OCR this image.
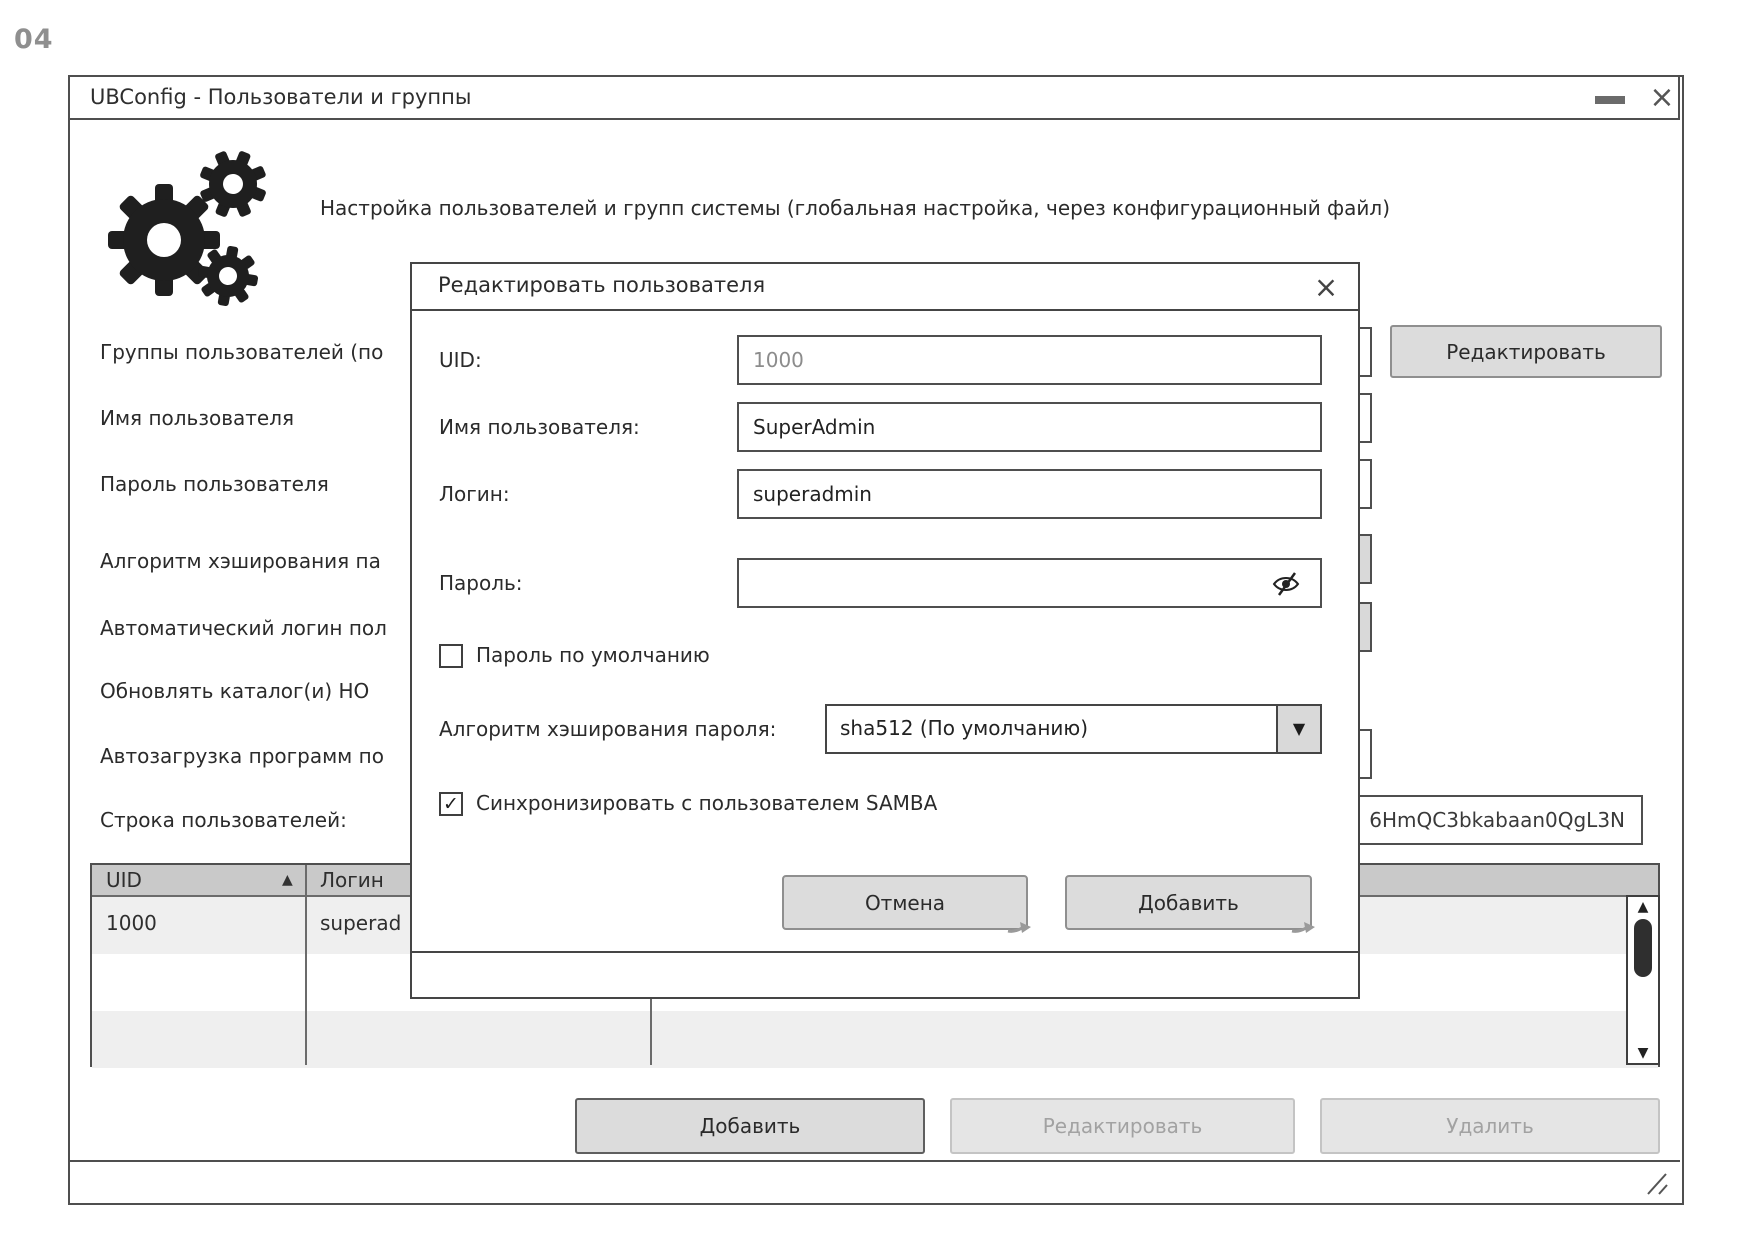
04
UBConfig - Пользователи и группы	×
Настройка пользователей и групп системы (глобальная настройка, через конфигурационный файл)
Группы пользователей (по
Имя пользователя
Пароль пользователя
Алгоритм хэширования па
Автоматический логин пол
Обновлять каталог(и) HO
Автозагрузка программ по
Строка пользователей:	6HmQC3bkabaan0QgL3N
Редактировать
UID	▲ Логин
1000	superad
▲
▼
Добавить	Редактировать	Удалить
Редактировать пользователя	×
UID:
1000
Имя пользователя:
SuperAdmin
Логин:
superadmin
Пароль:
Пароль по умолчанию
Алгоритм хэширования пароля:	sha512 (По умолчанию)	▼
✓ Синхронизировать с пользователем SAMBA
Отмена	Добавить
